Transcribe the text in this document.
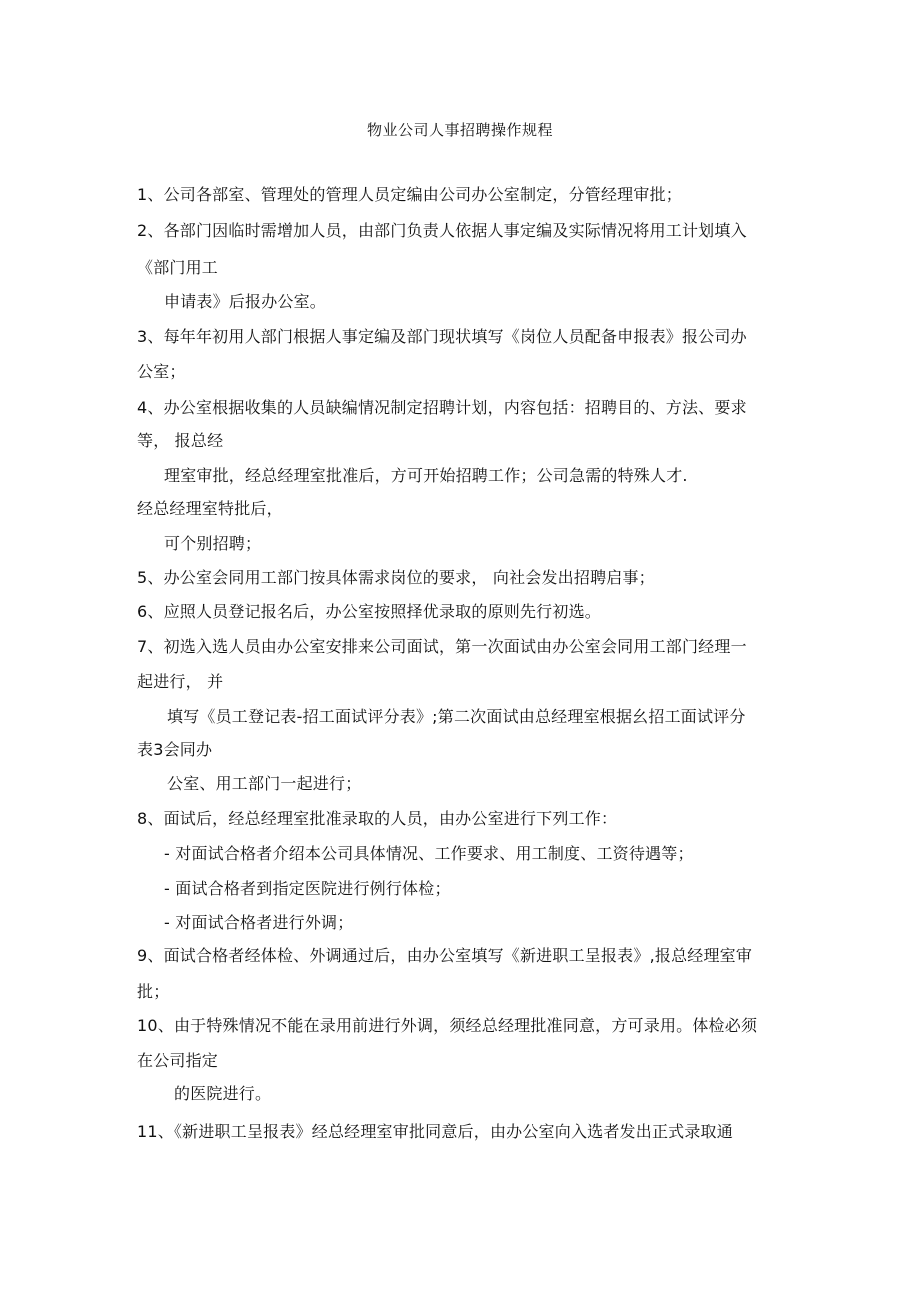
物业公司人事招聘操作规程
1、公司各部室、管理处的管理人员定编由公司办公室制定，分管经理审批；
2、各部门因临时需增加人员，由部门负责人依据人事定编及实际情况将用工计划填入
《部门用工
申请表》后报办公室。
3、每年年初用人部门根据人事定编及部门现状填写《岗位人员配备申报表》报公司办
公室；
4、办公室根据收集的人员缺编情况制定招聘计划，内容包括：招聘目的、方法、要求
等， 报总经
理室审批，经总经理室批准后，方可开始招聘工作；公司急需的特殊人才.
经总经理室特批后，
可个别招聘；
5、办公室会同用工部门按具体需求岗位的要求， 向社会发出招聘启事；
6、应照人员登记报名后，办公室按照择优录取的原则先行初选。
7、初选入选人员由办公室安排来公司面试，第一次面试由办公室会同用工部门经理一
起进行， 并
填写《员工登记表-招工面试评分表》;第二次面试由总经理室根据幺招工面试评分
表3会同办
公室、用工部门一起进行；
8、面试后，经总经理室批准录取的人员，由办公室进行下列工作：
- 对面试合格者介绍本公司具体情况、工作要求、用工制度、工资待遇等；
- 面试合格者到指定医院进行例行体检；
- 对面试合格者进行外调；
9、面试合格者经体检、外调通过后，由办公室填写《新进职工呈报表》,报总经理室审
批；
10、由于特殊情况不能在录用前进行外调，须经总经理批准同意，方可录用。体检必须
在公司指定
的医院进行。
11、《新进职工呈报表》经总经理室审批同意后，由办公室向入选者发出正式录取通
